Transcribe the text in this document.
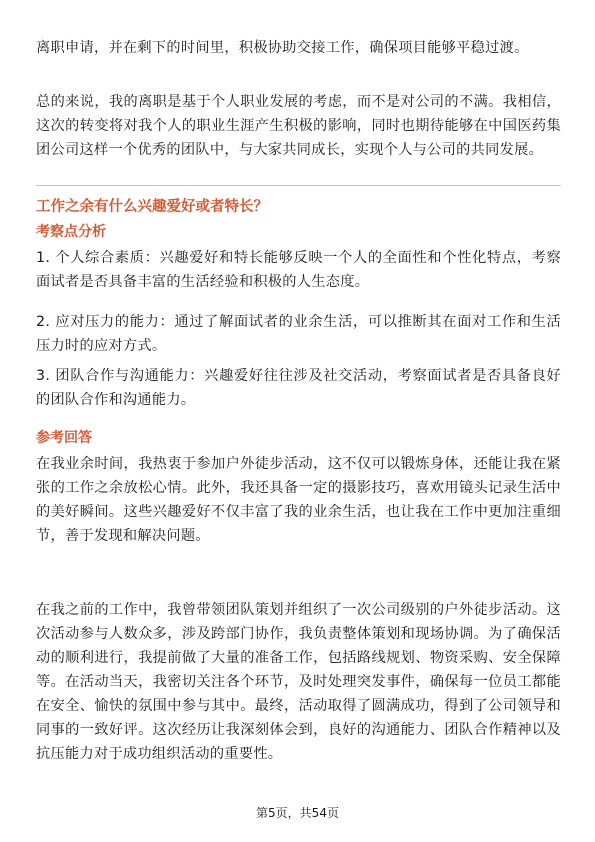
离职申请，并在剩下的时间里，积极协助交接工作，确保项目能够平稳过渡。

总的来说，我的离职是基于个人职业发展的考虑，而不是对公司的不满。我相信，这次的转变将对我个人的职业生涯产生积极的影响，同时也期待能够在中国医药集团公司这样一个优秀的团队中，与大家共同成长，实现个人与公司的共同发展。

工作之余有什么兴趣爱好或者特长？
考察点分析

1. 个人综合素质：兴趣爱好和特长能够反映一个人的全面性和个性化特点，考察面试者是否具备丰富的生活经验和积极的人生态度。

2. 应对压力的能力：通过了解面试者的业余生活，可以推断其在面对工作和生活压力时的应对方式。

3. 团队合作与沟通能力：兴趣爱好往往涉及社交活动，考察面试者是否具备良好的团队合作和沟通能力。

参考回答

在我业余时间，我热衷于参加户外徒步活动，这不仅可以锻炼身体，还能让我在紧张的工作之余放松心情。此外，我还具备一定的摄影技巧，喜欢用镜头记录生活中的美好瞬间。这些兴趣爱好不仅丰富了我的业余生活，也让我在工作中更加注重细节，善于发现和解决问题。

在我之前的工作中，我曾带领团队策划并组织了一次公司级别的户外徒步活动。这次活动参与人数众多，涉及跨部门协作，我负责整体策划和现场协调。为了确保活动的顺利进行，我提前做了大量的准备工作，包括路线规划、物资采购、安全保障等。在活动当天，我密切关注各个环节，及时处理突发事件，确保每一位员工都能在安全、愉快的氛围中参与其中。最终，活动取得了圆满成功，得到了公司领导和同事的一致好评。这次经历让我深刻体会到，良好的沟通能力、团队合作精神以及抗压能力对于成功组织活动的重要性。

第5页，共54页
